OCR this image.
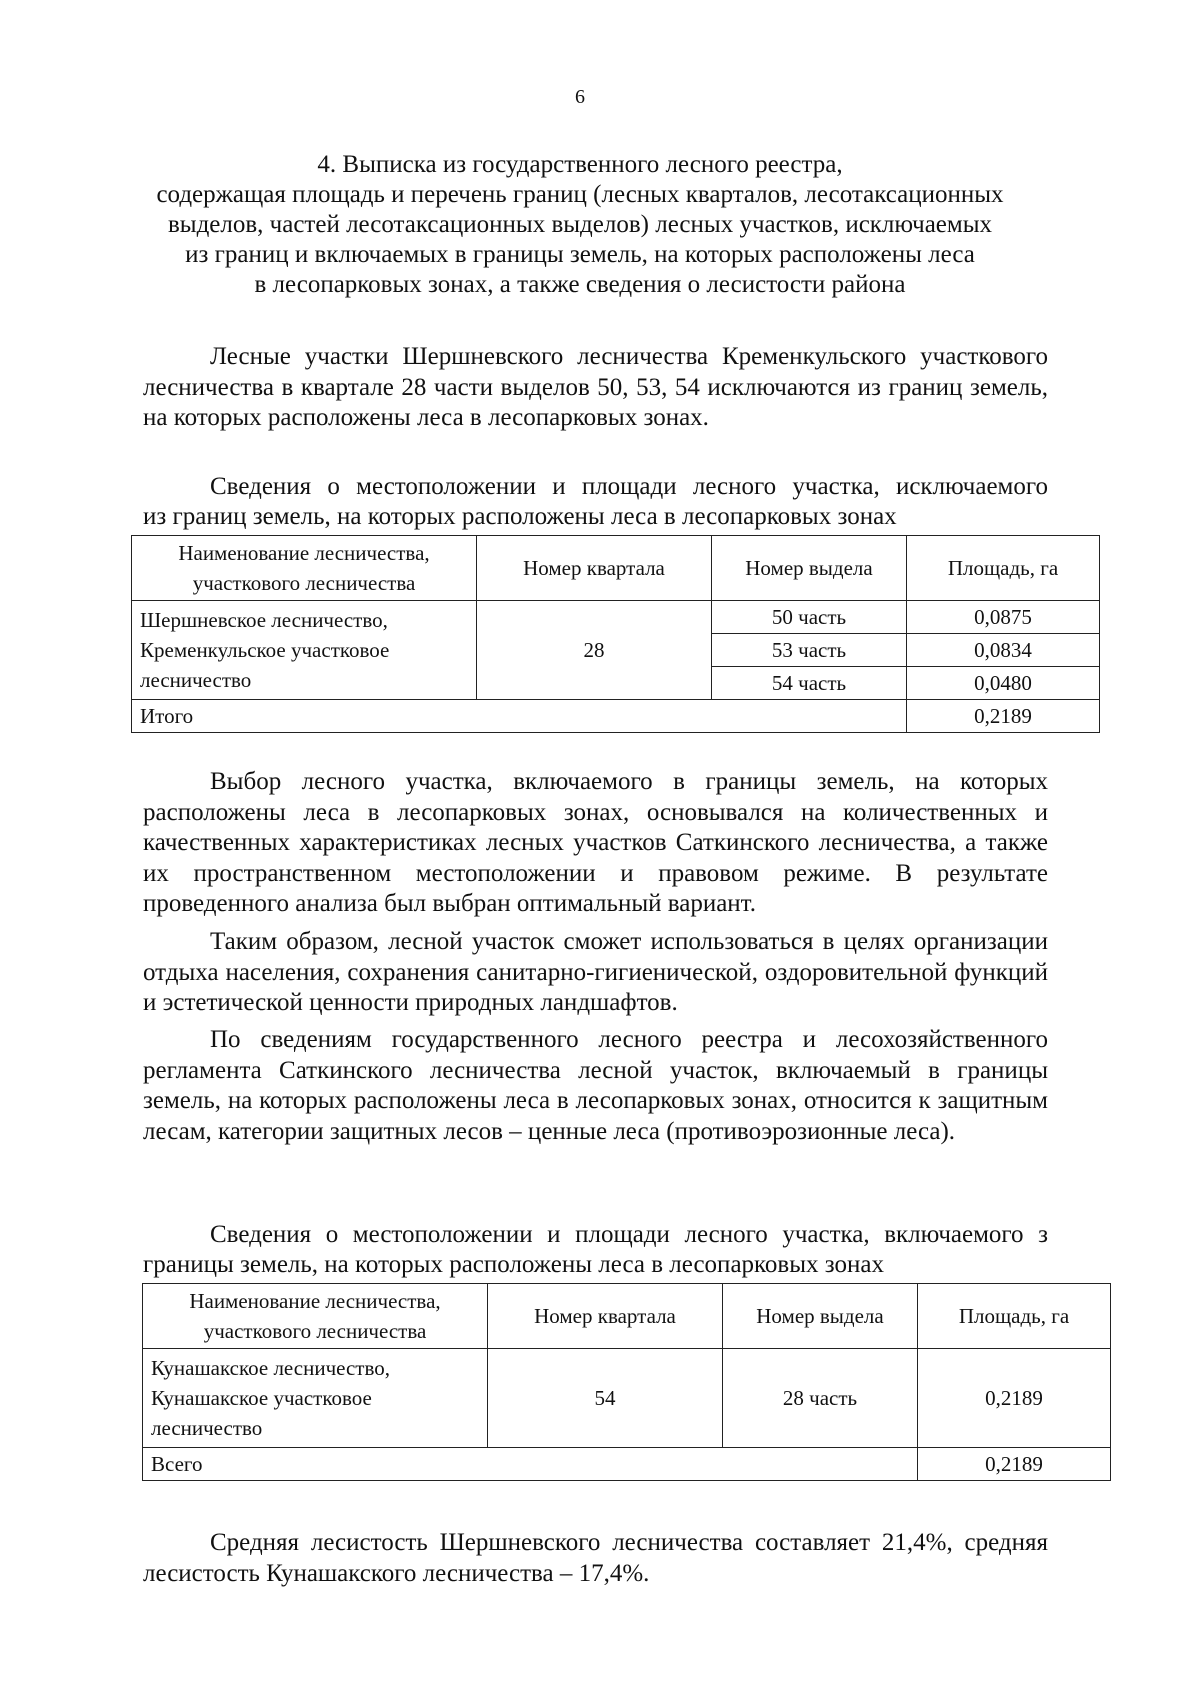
6
4. Выписка из государственного лесного реестра,
содержащая площадь и перечень границ (лесных кварталов, лесотаксационных
выделов, частей лесотаксационных выделов) лесных участков, исключаемых
из границ и включаемых в границы земель, на которых расположены леса
в лесопарковых зонах, а также сведения о лесистости района

Лесные участки Шершневского лесничества Кременкульского участкового лесничества в квартале 28 части выделов 50, 53, 54 исключаются из границ земель, на которых расположены леса в лесопарковых зонах.

Сведения о местоположении и площади лесного участка, исключаемого
из границ земель, на которых расположены леса в лесопарковых зонах
Наименование лесничества, участкового лесничества	Номер квартала	Номер выдела	Площадь, га
Шершневское лесничество, Кременкульское участковое лесничество	28	50 часть	0,0875
		53 часть	0,0834
		54 часть	0,0480
Итого			0,2189

Выбор лесного участка, включаемого в границы земель, на которых расположены леса в лесопарковых зонах, основывался на количественных и качественных характеристиках лесных участков Саткинского лесничества, а также их пространственном местоположении и правовом режиме. В результате проведенного анализа был выбран оптимальный вариант.

Таким образом, лесной участок сможет использоваться в целях организации отдыха населения, сохранения санитарно-гигиенической, оздоровительной функций и эстетической ценности природных ландшафтов.

По сведениям государственного лесного реестра и лесохозяйственного регламента Саткинского лесничества лесной участок, включаемый в границы земель, на которых расположены леса в лесопарковых зонах, относится к защитным лесам, категории защитных лесов – ценные леса (противоэрозионные леса).

Сведения о местоположении и площади лесного участка, включаемого з
границы земель, на которых расположены леса в лесопарковых зонах
Наименование лесничества, участкового лесничества	Номер квартала	Номер выдела	Площадь, га
Кунашакское лесничество, Кунашакское участковое лесничество	54	28 часть	0,2189
Всего			0,2189

Средняя лесистость Шершневского лесничества составляет 21,4%, средняя лесистость Кунашакского лесничества – 17,4%.
